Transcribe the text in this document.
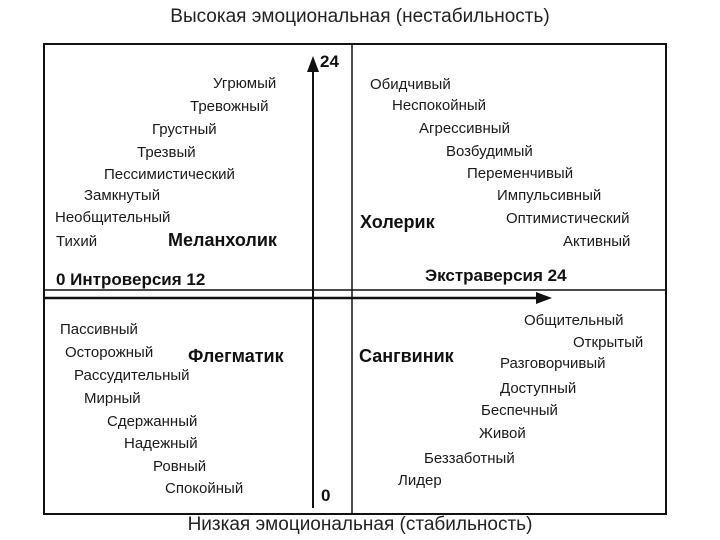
Высокая эмоциональная (нестабильность)
24
0
0 Интроверсия 12	Экстраверсия 24
Меланхолик
Холерик
Флегматик	Сангвиник
Угрюмый
Тревожный
Грустный
Трезвый
Пессимистический
Замкнутый
Необщительный
Тихий
Обидчивый
Неспокойный
Агрессивный
Возбудимый
Переменчивый
Импульсивный
Оптимистический
Активный
Пассивный
Осторожный
Рассудительный
Мирный
Сдержанный
Надежный
Ровный
Спокойный
Общительный
Открытый
Разговорчивый
Доступный
Беспечный
Живой
Беззаботный
Лидер
Низкая эмоциональная (стабильность)
